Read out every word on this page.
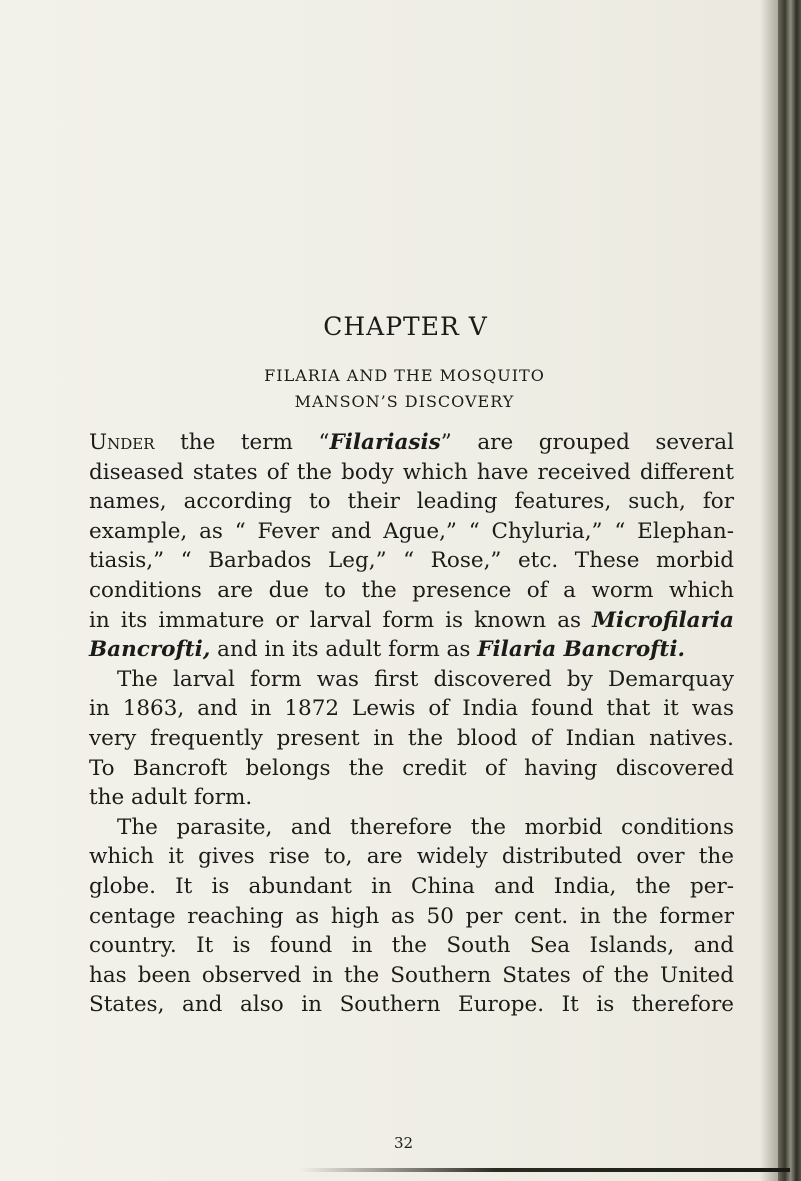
CHAPTER V
FILARIA AND THE MOSQUITO
MANSON’S DISCOVERY
Under the term “Filariasis” are grouped several
diseased states of the body which have received different
names, according to their leading features, such, for
example, as “ Fever and Ague,” “ Chyluria,” “ Elephan-
tiasis,” “ Barbados Leg,” “ Rose,” etc. These morbid
conditions are due to the presence of a worm which
in its immature or larval form is known as Microfilaria
Bancrofti, and in its adult form as Filaria Bancrofti.
The larval form was first discovered by Demarquay
in 1863, and in 1872 Lewis of India found that it was
very frequently present in the blood of Indian natives.
To Bancroft belongs the credit of having discovered
the adult form.
The parasite, and therefore the morbid conditions
which it gives rise to, are widely distributed over the
globe. It is abundant in China and India, the per-
centage reaching as high as 50 per cent. in the former
country. It is found in the South Sea Islands, and
has been observed in the Southern States of the United
States, and also in Southern Europe. It is therefore
32
